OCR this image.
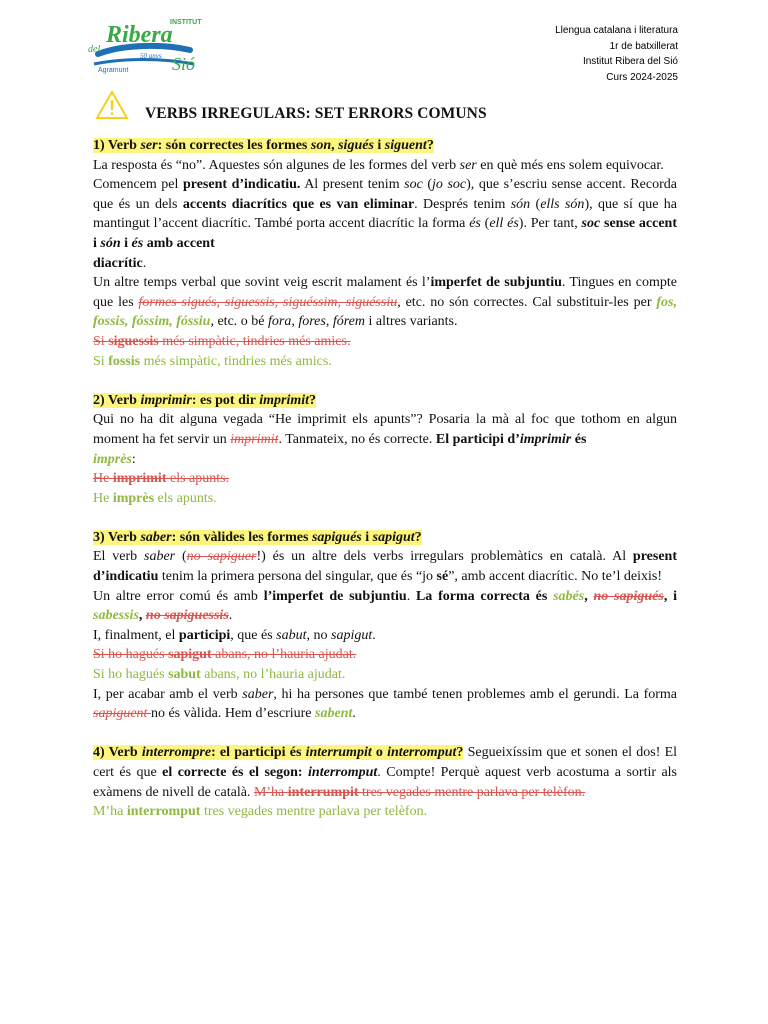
INSTITUT
Ribera
del
Sió
50 anys
Agramunt
Llengua catalana i literatura
1r de batxillerat
Institut Ribera del Sió
Curs 2024-2025
VERBS IRREGULARS: SET ERRORS COMUNS

1) Verb ser: són correctes les formes son, sigués i siguent?

La resposta és “no”. Aquestes són algunes de les formes del verb ser en què més ens solem equivocar.

Comencem pel present d’indicatiu. Al present tenim soc (jo soc), que s’escriu sense accent. Recorda que és un dels accents diacrítics que es van eliminar. Després tenim són (ells són), que sí que ha mantingut l’accent diacrític. També porta accent diacrític la forma és (ell és). Per tant, soc sense accent i són i és amb accent
diacrític.

Un altre temps verbal que sovint veig escrit malament és l’imperfet de subjuntiu. Tingues en compte que les formes sigués, siguessis, siguéssim, siguéssiu, etc. no són correctes. Cal substituir-les per fos, fossis, fóssim, fóssiu, etc. o bé fora, fores, fórem i altres variants.

Si siguessis més simpàtic, tindries més amics.

Si fossis més simpàtic, tindries més amics.

2) Verb imprimir: es pot dir imprimit?

Qui no ha dit alguna vegada “He imprimit els apunts”? Posaria la mà al foc que tothom en algun moment ha fet servir un imprimit. Tanmateix, no és correcte. El participi d’imprimir és
imprès:

He imprimit els apunts.

He imprès els apunts.

3) Verb saber: són vàlides les formes sapigués i sapigut?

El verb saber (no sapiguer!) és un altre dels verbs irregulars problemàtics en català. Al present d’indicatiu tenim la primera persona del singular, que és “jo sé”, amb accent diacrític. No te’l deixis!

Un altre error comú és amb l’imperfet de subjuntiu. La forma correcta és sabés, no sapigués, i sabessis, no sapiguessis.

I, finalment, el participi, que és sabut, no sapigut.

Si ho hagués sapigut abans, no l’hauria ajudat.

Si ho hagués sabut abans, no l’hauria ajudat.

I, per acabar amb el verb saber, hi ha persones que també tenen problemes amb el gerundi. La forma sapiguent no és vàlida. Hem d’escriure sabent.

4) Verb interrompre: el participi és interrumpit o interromput? Segueixíssim que et sonen el dos! El cert és que el correcte és el segon: interromput. Compte! Perquè aquest verb acostuma a sortir als exàmens de nivell de català. M’ha interrumpit tres vegades mentre parlava per telèfon.

M’ha interromput tres vegades mentre parlava per telèfon.
